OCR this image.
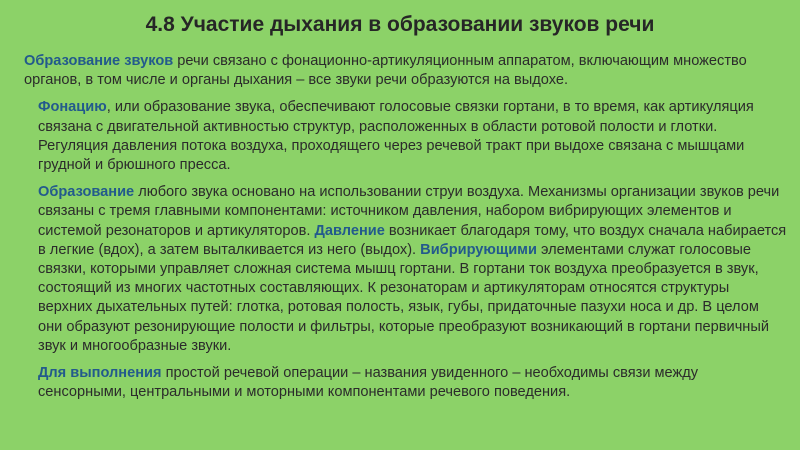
4.8 Участие дыхания в образовании звуков речи

Образование звуков речи связано с фонационно-артикуляционным аппаратом, включающим множество органов, в том числе и органы дыхания – все звуки речи образуются на выдохе.

Фонацию, или образование звука, обеспечивают голосовые связки гортани, в то время, как артикуляция связана с двигательной активностью структур, расположенных в области ротовой полости и глотки. Регуляция давления потока воздуха, проходящего через речевой тракт при выдохе связана с мышцами грудной и брюшного пресса.

Образование любого звука основано на использовании струи воздуха. Механизмы организации звуков речи связаны с тремя главными компонентами: источником давления, набором вибрирующих элементов и системой резонаторов и артикуляторов. Давление возникает благодаря тому, что воздух сначала набирается в легкие (вдох), а затем выталкивается из него (выдох). Вибрирующими элементами служат голосовые связки, которыми управляет сложная система мышц гортани. В гортани ток воздуха преобразуется в звук, состоящий из многих частотных составляющих. К резонаторам и артикуляторам относятся структуры верхних дыхательных путей: глотка, ротовая полость, язык, губы, придаточные пазухи носа и др. В целом они образуют резонирующие полости и фильтры, которые преобразуют возникающий в гортани первичный звук и многообразные звуки.

Для выполнения простой речевой операции – названия увиденного – необходимы связи между сенсорными, центральными и моторными компонентами речевого поведения.
